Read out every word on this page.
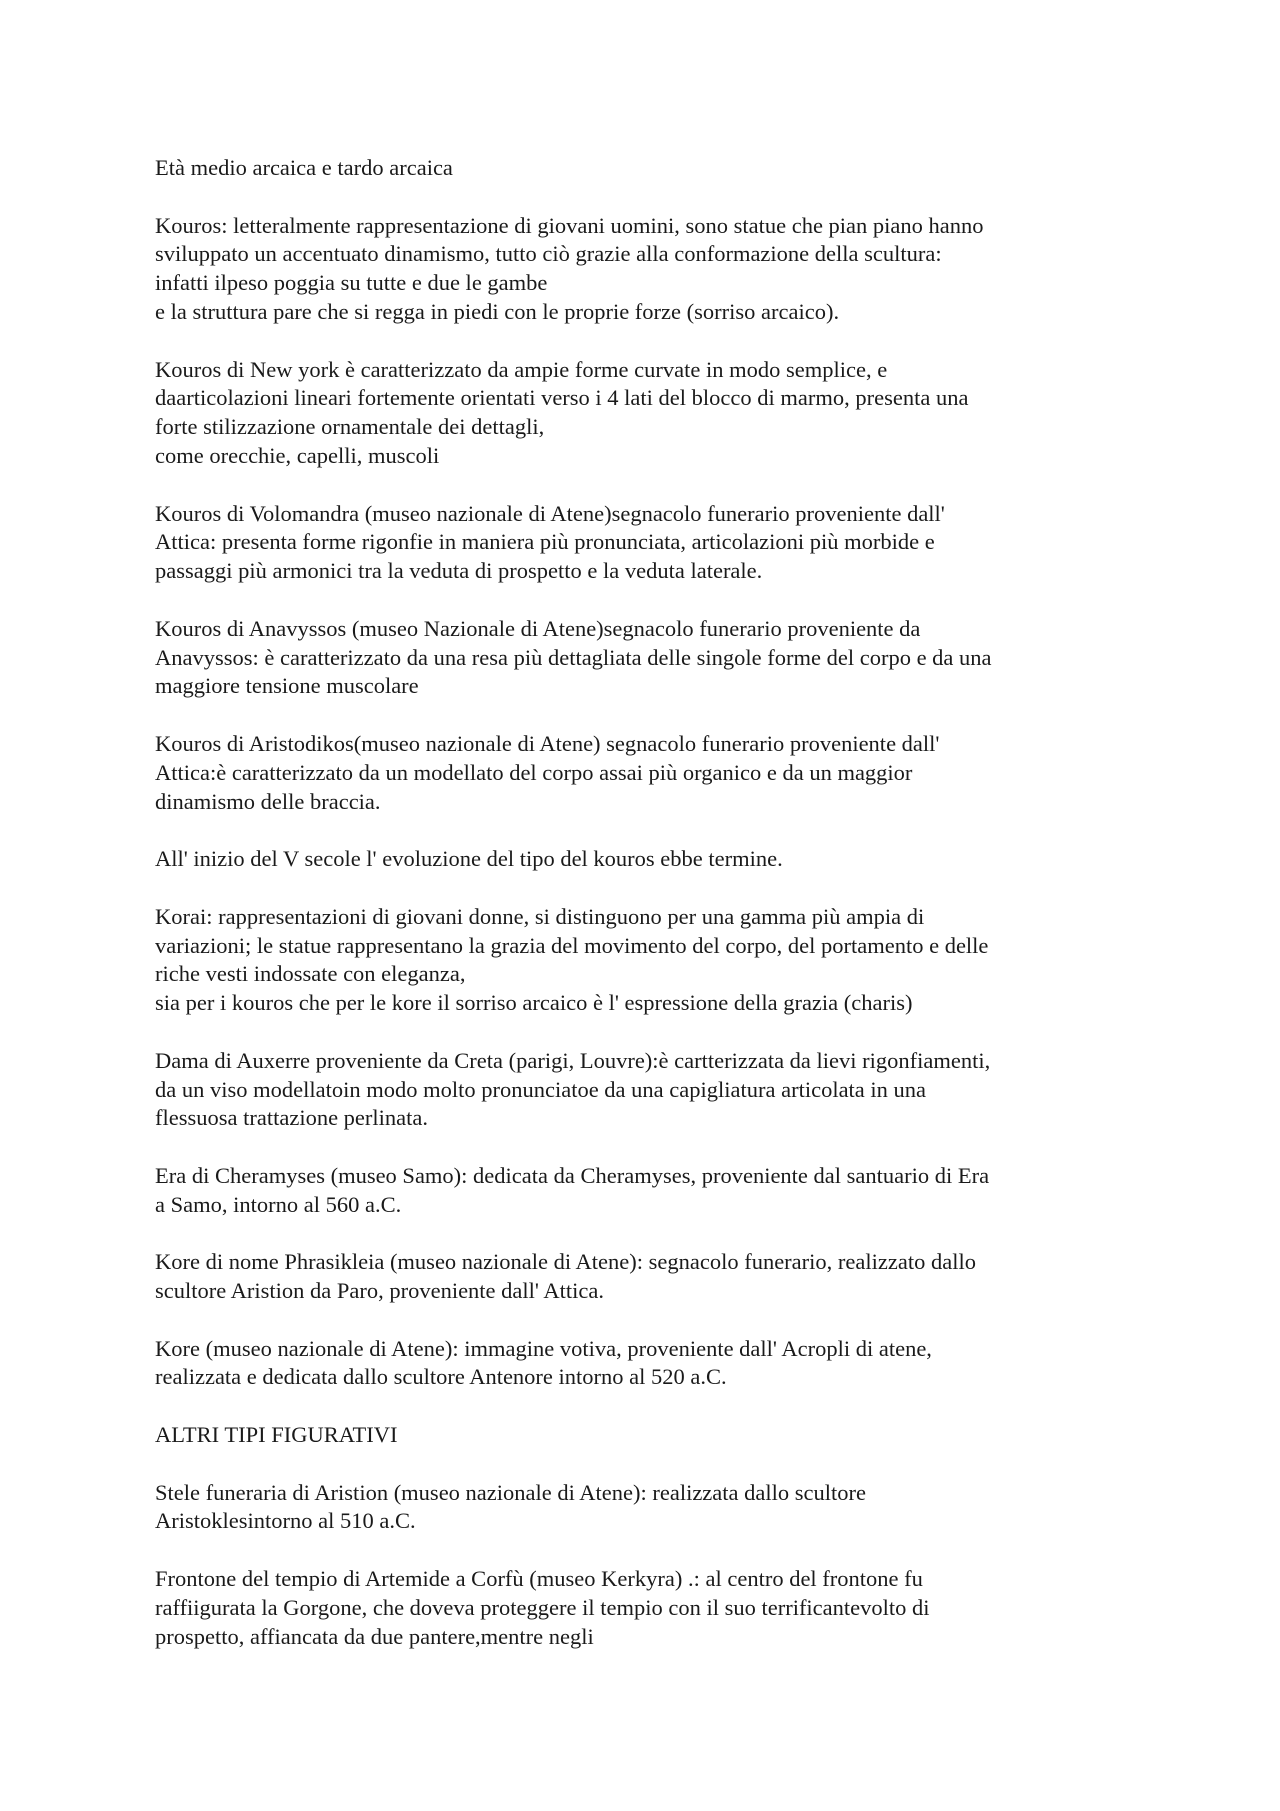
Età medio arcaica e tardo arcaica

Kouros: letteralmente rappresentazione di giovani uomini, sono statue che pian piano hanno
sviluppato un accentuato dinamismo, tutto ciò grazie alla conformazione della scultura:
infatti ilpeso poggia su tutte e due le gambe
e la struttura pare che si regga in piedi con le proprie forze (sorriso arcaico).

Kouros di New york è caratterizzato da ampie forme curvate in modo semplice, e
daarticolazioni lineari fortemente orientati verso i 4 lati del blocco di marmo, presenta una
forte stilizzazione ornamentale dei dettagli,
come orecchie, capelli, muscoli

Kouros di Volomandra (museo nazionale di Atene)segnacolo funerario proveniente dall'
Attica: presenta forme rigonfie in maniera più pronunciata, articolazioni più morbide e
passaggi più armonici tra la veduta di prospetto e la veduta laterale.

Kouros di Anavyssos (museo Nazionale di Atene)segnacolo funerario proveniente da
Anavyssos: è caratterizzato da una resa più dettagliata delle singole forme del corpo e da una
maggiore tensione muscolare

Kouros di Aristodikos(museo nazionale di Atene) segnacolo funerario proveniente dall'
Attica:è caratterizzato da un modellato del corpo assai più organico e da un maggior
dinamismo delle braccia.

All' inizio del V secole l' evoluzione del tipo del kouros ebbe termine.

Korai: rappresentazioni di giovani donne, si distinguono per una gamma più ampia di
variazioni; le statue rappresentano la grazia del movimento del corpo, del portamento e delle
riche vesti indossate con eleganza,
sia per i kouros che per le kore il sorriso arcaico è l' espressione della grazia (charis)

Dama di Auxerre proveniente da Creta (parigi, Louvre):è cartterizzata da lievi rigonfiamenti,
da un viso modellatoin modo molto pronunciatoe da una capigliatura articolata in una
flessuosa trattazione perlinata.

Era di Cheramyses (museo Samo): dedicata da Cheramyses, proveniente dal santuario di Era
a Samo, intorno al 560 a.C.

Kore di nome Phrasikleia (museo nazionale di Atene): segnacolo funerario, realizzato dallo
scultore Aristion da Paro, proveniente dall' Attica.

Kore (museo nazionale di Atene): immagine votiva, proveniente dall' Acropli di atene,
realizzata e dedicata dallo scultore Antenore intorno al 520 a.C.

ALTRI TIPI FIGURATIVI

Stele funeraria di Aristion (museo nazionale di Atene): realizzata dallo scultore
Aristoklesintorno al 510 a.C.

Frontone del tempio di Artemide a Corfù (museo Kerkyra) .: al centro del frontone fu
raffiigurata la Gorgone, che doveva proteggere il tempio con il suo terrificantevolto di
prospetto, affiancata da due pantere,mentre negli
